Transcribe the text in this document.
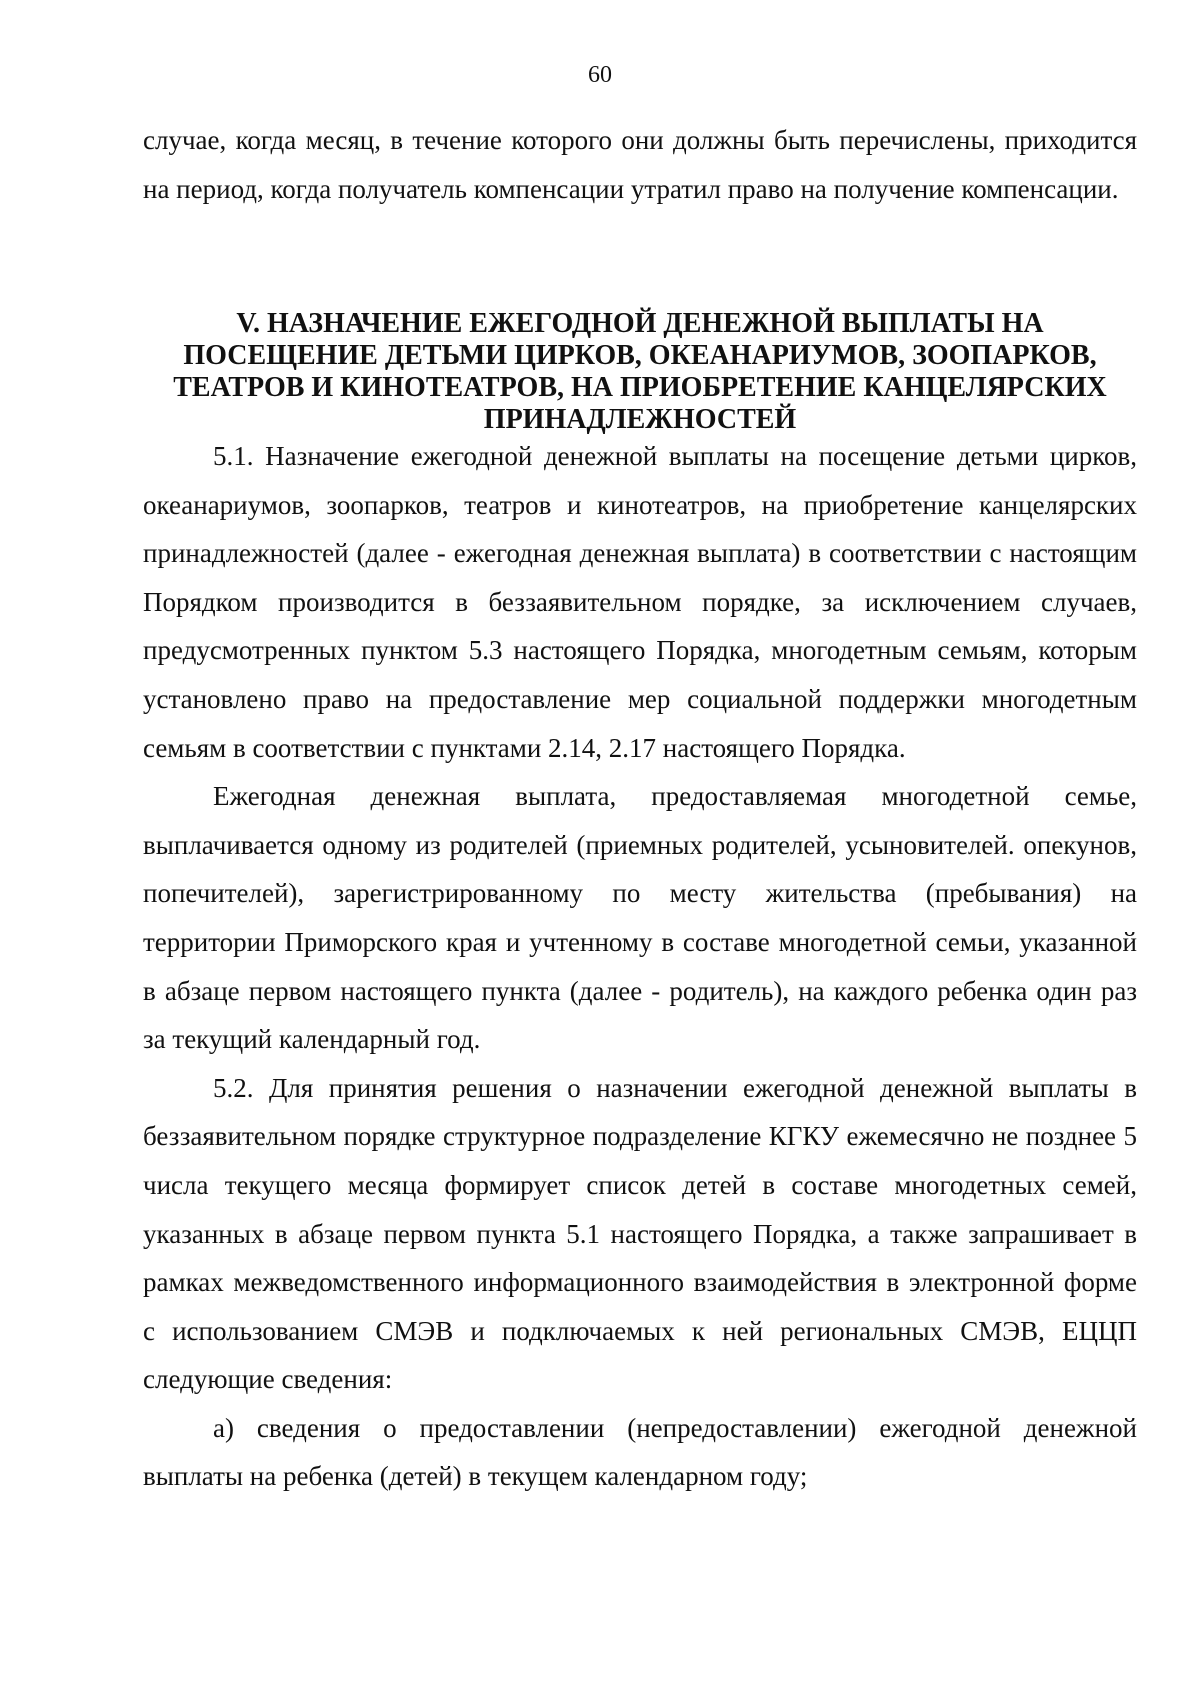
60

случае, когда месяц, в течение которого они должны быть перечислены, приходится на период, когда получатель компенсации утратил право на получение компенсации.

V. НАЗНАЧЕНИЕ ЕЖЕГОДНОЙ ДЕНЕЖНОЙ ВЫПЛАТЫ НА
ПОСЕЩЕНИЕ ДЕТЬМИ ЦИРКОВ, ОКЕАНАРИУМОВ, ЗООПАРКОВ,
ТЕАТРОВ И КИНОТЕАТРОВ, НА ПРИОБРЕТЕНИЕ КАНЦЕЛЯРСКИХ
ПРИНАДЛЕЖНОСТЕЙ

5.1. Назначение ежегодной денежной выплаты на посещение детьми цирков, океанариумов, зоопарков, театров и кинотеатров, на приобретение канцелярских принадлежностей (далее - ежегодная денежная выплата) в соответствии с настоящим Порядком производится в беззаявительном порядке, за исключением случаев, предусмотренных пунктом 5.3 настоящего Порядка, многодетным семьям, которым установлено право на предоставление мер социальной поддержки многодетным семьям в соответствии с пунктами 2.14, 2.17 настоящего Порядка.

Ежегодная денежная выплата, предоставляемая многодетной семье, выплачивается одному из родителей (приемных родителей, усыновителей. опекунов, попечителей), зарегистрированному по месту жительства (пребывания) на территории Приморского края и учтенному в составе многодетной семьи, указанной в абзаце первом настоящего пункта (далее - родитель), на каждого ребенка один раз за текущий календарный год.

5.2. Для принятия решения о назначении ежегодной денежной выплаты в беззаявительном порядке структурное подразделение КГКУ ежемесячно не позднее 5 числа текущего месяца формирует список детей в составе многодетных семей, указанных в абзаце первом пункта 5.1 настоящего Порядка, а также запрашивает в рамках межведомственного информационного взаимодействия в электронной форме с использованием СМЭВ и подключаемых к ней региональных СМЭВ, ЕЦЦП следующие сведения:

а) сведения о предоставлении (непредоставлении) ежегодной денежной выплаты на ребенка (детей) в текущем календарном году;
